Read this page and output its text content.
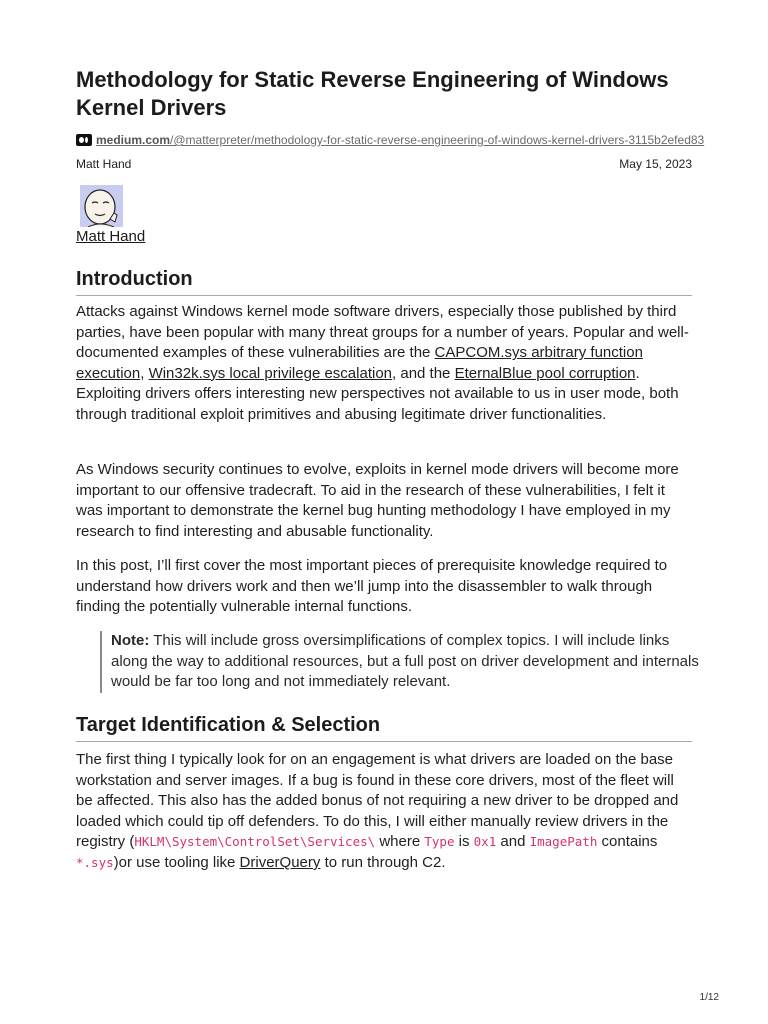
Methodology for Static Reverse Engineering of Windows Kernel Drivers
medium.com/@matterpreter/methodology-for-static-reverse-engineering-of-windows-kernel-drivers-3115b2efed83
Matt Hand	May 15, 2023
Matt Hand
Introduction

Attacks against Windows kernel mode software drivers, especially those published by third parties, have been popular with many threat groups for a number of years. Popular and well-documented examples of these vulnerabilities are the CAPCOM.sys arbitrary function execution, Win32k.sys local privilege escalation, and the EternalBlue pool corruption. Exploiting drivers offers interesting new perspectives not available to us in user mode, both through traditional exploit primitives and abusing legitimate driver functionalities.

As Windows security continues to evolve, exploits in kernel mode drivers will become more important to our offensive tradecraft. To aid in the research of these vulnerabilities, I felt it was important to demonstrate the kernel bug hunting methodology I have employed in my research to find interesting and abusable functionality.

In this post, I’ll first cover the most important pieces of prerequisite knowledge required to understand how drivers work and then we’ll jump into the disassembler to walk through finding the potentially vulnerable internal functions.

Note: This will include gross oversimplifications of complex topics. I will include links along the way to additional resources, but a full post on driver development and internals would be far too long and not immediately relevant.
Target Identification & Selection

The first thing I typically look for on an engagement is what drivers are loaded on the base workstation and server images. If a bug is found in these core drivers, most of the fleet will be affected. This also has the added bonus of not requiring a new driver to be dropped and loaded which could tip off defenders. To do this, I will either manually review drivers in the registry (HKLM\System\ControlSet\Services\ where Type is 0x1 and ImagePath contains *.sys)or use tooling like DriverQuery to run through C2.

1/12
